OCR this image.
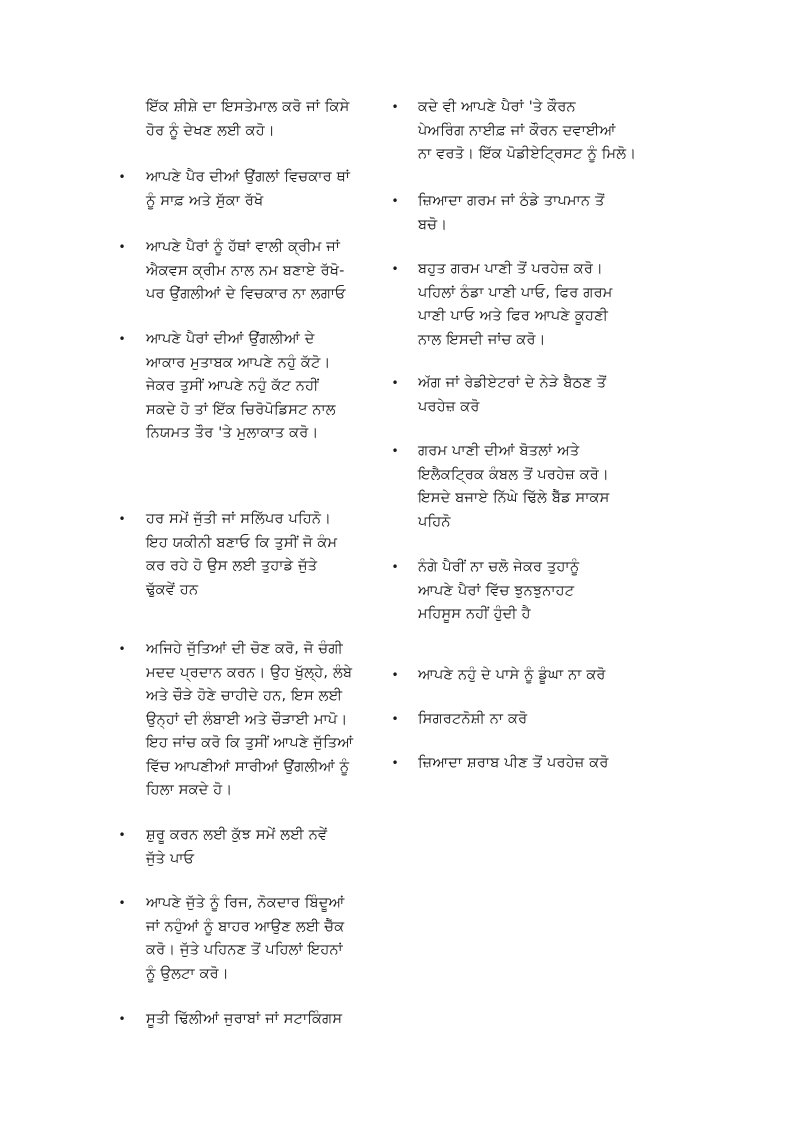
ਇੱਕ ਸ਼ੀਸ਼ੇ ਦਾ ਇਸਤੇਮਾਲ ਕਰੋ ਜਾਂ ਕਿਸੇ
ਹੋਰ ਨੂੰ ਦੇਖਣ ਲਈ ਕਹੋ।

• ਆਪਣੇ ਪੈਰ ਦੀਆਂ ਉਂਗਲਾਂ ਵਿਚਕਾਰ ਥਾਂ
ਨੂੰ ਸਾਫ਼ ਅਤੇ ਸੁੱਕਾ ਰੱਖੋ

• ਆਪਣੇ ਪੈਰਾਂ ਨੂੰ ਹੱਥਾਂ ਵਾਲੀ ਕ੍ਰੀਮ ਜਾਂ
ਐਕਵਸ ਕ੍ਰੀਮ ਨਾਲ ਨਮ ਬਣਾਏ ਰੱਖੋ-
ਪਰ ਉਂਗਲੀਆਂ ਦੇ ਵਿਚਕਾਰ ਨਾ ਲਗਾਓ

• ਆਪਣੇ ਪੈਰਾਂ ਦੀਆਂ ਉਂਗਲੀਆਂ ਦੇ
ਆਕਾਰ ਮੁਤਾਬਕ ਆਪਣੇ ਨਹੁੰ ਕੱਟੋ।
ਜੇਕਰ ਤੁਸੀਂ ਆਪਣੇ ਨਹੁੰ ਕੱਟ ਨਹੀਂ
ਸਕਦੇ ਹੋ ਤਾਂ ਇੱਕ ਚਿਰੋਪੋਡਿਸਟ ਨਾਲ
ਨਿਯਮਤ ਤੌਰ 'ਤੇ ਮੁਲਾਕਾਤ ਕਰੋ।

• ਹਰ ਸਮੇਂ ਜੁੱਤੀ ਜਾਂ ਸਲਿੱਪਰ ਪਹਿਨੋ।
ਇਹ ਯਕੀਨੀ ਬਣਾਓ ਕਿ ਤੁਸੀਂ ਜੋ ਕੰਮ
ਕਰ ਰਹੇ ਹੋ ਉਸ ਲਈ ਤੁਹਾਡੇ ਜੁੱਤੇ
ਢੁੱਕਵੇਂ ਹਨ

• ਅਜਿਹੇ ਜੁੱਤਿਆਂ ਦੀ ਚੋਣ ਕਰੋ, ਜੋ ਚੰਗੀ
ਮਦਦ ਪ੍ਰਦਾਨ ਕਰਨ। ਉਹ ਖੁੱਲ੍ਹੇ, ਲੰਬੇ
ਅਤੇ ਚੌੜੇ ਹੋਣੇ ਚਾਹੀਦੇ ਹਨ, ਇਸ ਲਈ
ਉਨ੍ਹਾਂ ਦੀ ਲੰਬਾਈ ਅਤੇ ਚੌੜਾਈ ਮਾਪੋ।
ਇਹ ਜਾਂਚ ਕਰੋ ਕਿ ਤੁਸੀਂ ਆਪਣੇ ਜੁੱਤਿਆਂ
ਵਿੱਚ ਆਪਣੀਆਂ ਸਾਰੀਆਂ ਉਂਗਲੀਆਂ ਨੂੰ
ਹਿਲਾ ਸਕਦੇ ਹੋ।

• ਸ਼ੁਰੂ ਕਰਨ ਲਈ ਕੁੱਝ ਸਮੇਂ ਲਈ ਨਵੇਂ
ਜੁੱਤੇ ਪਾਓ

• ਆਪਣੇ ਜੁੱਤੇ ਨੂੰ ਰਿਜ, ਨੋਕਦਾਰ ਬਿੰਦੂਆਂ
ਜਾਂ ਨਹੁੰਆਂ ਨੂੰ ਬਾਹਰ ਆਉਣ ਲਈ ਚੈੱਕ
ਕਰੋ। ਜੁੱਤੇ ਪਹਿਨਣ ਤੋਂ ਪਹਿਲਾਂ ਇਹਨਾਂ
ਨੂੰ ਉਲਟਾ ਕਰੋ।

• ਸੂਤੀ ਢਿੱਲੀਆਂ ਜੁਰਾਬਾਂ ਜਾਂ ਸਟਾਕਿੰਗਸ

• ਕਦੇ ਵੀ ਆਪਣੇ ਪੈਰਾਂ 'ਤੇ ਕੌਰਨ
ਪੇਅਰਿੰਗ ਨਾਈਫ਼ ਜਾਂ ਕੌਰਨ ਦਵਾਈਆਂ
ਨਾ ਵਰਤੋ। ਇੱਕ ਪੋਡੀਏਟ੍ਰਿਸਟ ਨੂੰ ਮਿਲੋ।

• ਜ਼ਿਆਦਾ ਗਰਮ ਜਾਂ ਠੰਡੇ ਤਾਪਮਾਨ ਤੋਂ
ਬਚੋ।

• ਬਹੁਤ ਗਰਮ ਪਾਣੀ ਤੋਂ ਪਰਹੇਜ਼ ਕਰੋ।
ਪਹਿਲਾਂ ਠੰਡਾ ਪਾਣੀ ਪਾਓ, ਫਿਰ ਗਰਮ
ਪਾਣੀ ਪਾਓ ਅਤੇ ਫਿਰ ਆਪਣੇ ਕੂਹਣੀ
ਨਾਲ ਇਸਦੀ ਜਾਂਚ ਕਰੋ।

• ਅੱਗ ਜਾਂ ਰੇਡੀਏਟਰਾਂ ਦੇ ਨੇੜੇ ਬੈਠਣ ਤੋਂ
ਪਰਹੇਜ਼ ਕਰੋ

• ਗਰਮ ਪਾਣੀ ਦੀਆਂ ਬੋਤਲਾਂ ਅਤੇ
ਇਲੈਕਟ੍ਰਿਕ ਕੰਬਲ ਤੋਂ ਪਰਹੇਜ਼ ਕਰੋ।
ਇਸਦੇ ਬਜਾਏ ਨਿੱਘੇ ਢਿੱਲੇ ਬੈੱਡ ਸਾਕਸ
ਪਹਿਨੋ

• ਨੰਗੇ ਪੈਰੀਂ ਨਾ ਚਲੋ ਜੇਕਰ ਤੁਹਾਨੂੰ
ਆਪਣੇ ਪੈਰਾਂ ਵਿੱਚ ਝੁਨਝੁਨਾਹਟ
ਮਹਿਸੂਸ ਨਹੀਂ ਹੁੰਦੀ ਹੈ

• ਆਪਣੇ ਨਹੁੰ ਦੇ ਪਾਸੇ ਨੂੰ ਡੂੰਘਾ ਨਾ ਕਰੋ

• ਸਿਗਰਟਨੋਸ਼ੀ ਨਾ ਕਰੋ

• ਜ਼ਿਆਦਾ ਸ਼ਰਾਬ ਪੀਣ ਤੋਂ ਪਰਹੇਜ਼ ਕਰੋ
